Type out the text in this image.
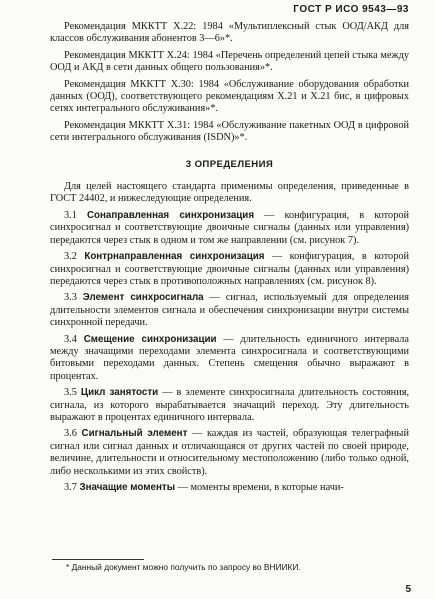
ГОСТ Р ИСО 9543—93

Рекомендация МККТТ X.22: 1984 «Мультиплексный стык ООД/АКД для классов обслуживания абонентов 3—6»*.

Рекомендация МККТТ X.24: 1984 «Перечень определений цепей стыка между ООД и АКД в сети данных общего пользования»*.

Рекомендация МККТТ X.30: 1984 «Обслуживание оборудования обработки данных (ООД), соответствующего рекомендациям X.21 и X.21 бис, в цифровых сетях интегрального обслуживания»*.

Рекомендация МККТТ X.31: 1984 «Обслуживание пакетных ООД в цифровой сети интегрального обслуживания (ISDN)»*.

3 ОПРЕДЕЛЕНИЯ

Для целей настоящего стандарта применимы определения, приведенные в ГОСТ 24402, и нижеследующие определения.

3.1 Сонаправленная синхронизация — конфигурация, в которой синхросигнал и соответствующие двоичные сигналы (данных или управления) передаются через стык в одном и том же направлении (см. рисунок 7).

3.2 Контрнаправленная синхронизация — конфигурация, в которой синхросигнал и соответствующие двоичные сигналы (данных или управления) передаются через стык в противоположных направлениях (см. рисунок 8).

3.3 Элемент синхросигнала — сигнал, используемый для определения длительности элементов сигнала и обеспечения синхронизации внутри системы синхронной передачи.

3.4 Смещение синхронизации — длительность единичного интервала между значащими переходами элемента синхросигнала и соответствующими битовыми переходами данных. Степень смещения обычно выражают в процентах.

3.5 Цикл занятости — в элементе синхросигнала длительность состояния, сигнала, из которого вырабатывается значащий переход. Эту длительность выражают в процентах единичного интервала.

3.6 Сигнальный элемент — каждая из частей, образующая телеграфный сигнал или сигнал данных и отличающаяся от других частей по своей природе, величине, длительности и относительному местоположению (либо только одной, либо несколькими из этих свойств).

3.7 Значащие моменты — моменты времени, в которые начи-

* Данный документ можно получить по запросу во ВНИИКИ.
5
